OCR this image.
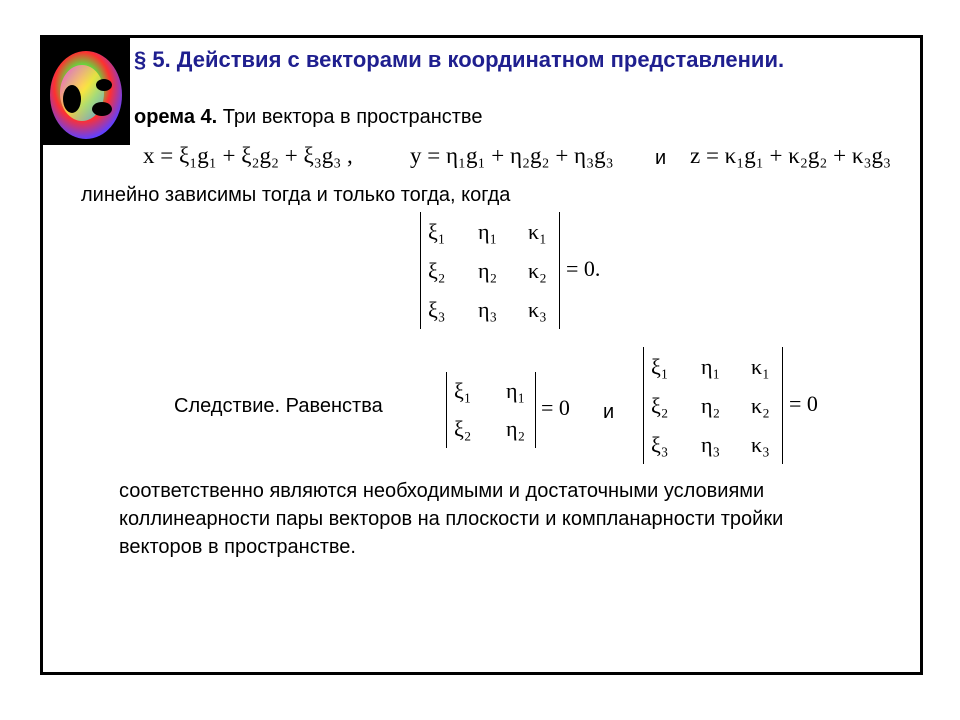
§ 5. Действия с векторами в координатном представлении.
орема 4. Три вектора в пространстве
x = ξ₁g₁ + ξ₂g₂ + ξ₃g₃ , y = η₁g₁ + η₂g₂ + η₃g₃ и z = κ₁g₁ + κ₂g₂ + κ₃g₃
линейно зависимы тогда и только тогда, когда
ξ₁	η₁	κ₁
ξ₂	η₂	κ₂
ξ₃	η₃	κ₃
= 0.
Следствие. Равенства
ξ₁	η₁
ξ₂	η₂
= 0 и
ξ₁	η₁	κ₁
ξ₂	η₂	κ₂
ξ₃	η₃	κ₃
= 0
соответственно являются необходимыми и достаточными условиями
коллинеарности пары векторов на плоскости и компланарности тройки
векторов в пространстве.
